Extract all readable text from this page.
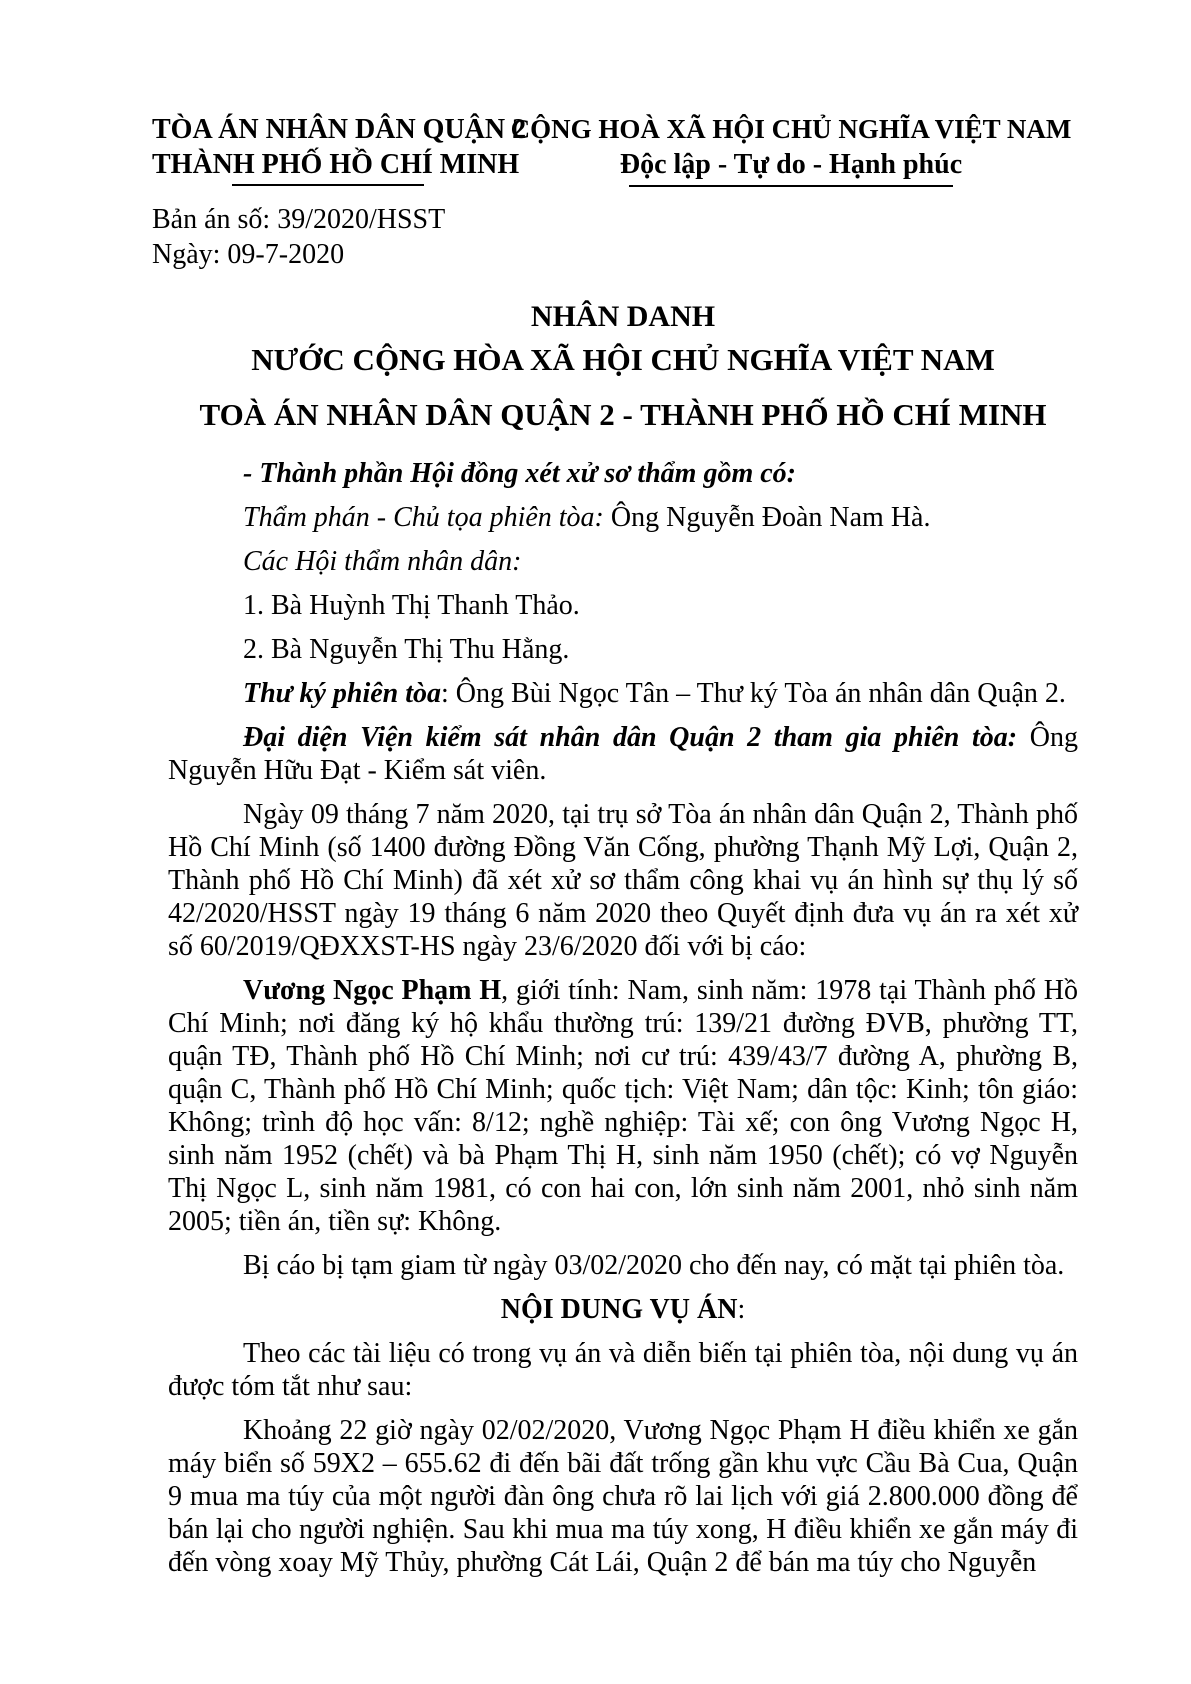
TÒA ÁN NHÂN DÂN QUẬN 2
THÀNH PHỐ HỒ CHÍ MINH
Bản án số: 39/2020/HSST
Ngày: 09-7-2020
CỘNG HOÀ XÃ HỘI CHỦ NGHĨA VIỆT NAM
Độc lập - Tự do - Hạnh phúc
NHÂN DANH
NƯỚC CỘNG HÒA XÃ HỘI CHỦ NGHĨA VIỆT NAM
TOÀ ÁN NHÂN DÂN QUẬN 2 - THÀNH PHỐ HỒ CHÍ MINH

- Thành phần Hội đồng xét xử sơ thẩm gồm có:

Thẩm phán - Chủ tọa phiên tòa: Ông Nguyễn Đoàn Nam Hà.

Các Hội thẩm nhân dân:

1. Bà Huỳnh Thị Thanh Thảo.

2. Bà Nguyễn Thị Thu Hằng.

Thư ký phiên tòa: Ông Bùi Ngọc Tân – Thư ký Tòa án nhân dân Quận 2.

Đại diện Viện kiểm sát nhân dân Quận 2 tham gia phiên tòa: Ông Nguyễn Hữu Đạt - Kiểm sát viên.

Ngày 09 tháng 7 năm 2020, tại trụ sở Tòa án nhân dân Quận 2, Thành phố Hồ Chí Minh (số 1400 đường Đồng Văn Cống, phường Thạnh Mỹ Lợi, Quận 2, Thành phố Hồ Chí Minh) đã xét xử sơ thẩm công khai vụ án hình sự thụ lý số 42/2020/HSST ngày 19 tháng 6 năm 2020 theo Quyết định đưa vụ án ra xét xử số 60/2019/QĐXXST-HS ngày 23/6/2020 đối với bị cáo:

Vương Ngọc Phạm H, giới tính: Nam, sinh năm: 1978 tại Thành phố Hồ Chí Minh; nơi đăng ký hộ khẩu thường trú: 139/21 đường ĐVB, phường TT, quận TĐ, Thành phố Hồ Chí Minh; nơi cư trú: 439/43/7 đường A, phường B, quận C, Thành phố Hồ Chí Minh; quốc tịch: Việt Nam; dân tộc: Kinh; tôn giáo: Không; trình độ học vấn: 8/12; nghề nghiệp: Tài xế; con ông Vương Ngọc H, sinh năm 1952 (chết) và bà Phạm Thị H, sinh năm 1950 (chết); có vợ Nguyễn Thị Ngọc L, sinh năm 1981, có con hai con, lớn sinh năm 2001, nhỏ sinh năm 2005; tiền án, tiền sự: Không.

Bị cáo bị tạm giam từ ngày 03/02/2020 cho đến nay, có mặt tại phiên tòa.

NỘI DUNG VỤ ÁN:

Theo các tài liệu có trong vụ án và diễn biến tại phiên tòa, nội dung vụ án được tóm tắt như sau:

Khoảng 22 giờ ngày 02/02/2020, Vương Ngọc Phạm H điều khiển xe gắn máy biển số 59X2 – 655.62 đi đến bãi đất trống gần khu vực Cầu Bà Cua, Quận 9 mua ma túy của một người đàn ông chưa rõ lai lịch với giá 2.800.000 đồng để bán lại cho người nghiện. Sau khi mua ma túy xong, H điều khiển xe gắn máy đi đến vòng xoay Mỹ Thủy, phường Cát Lái, Quận 2 để bán ma túy cho Nguyễn
